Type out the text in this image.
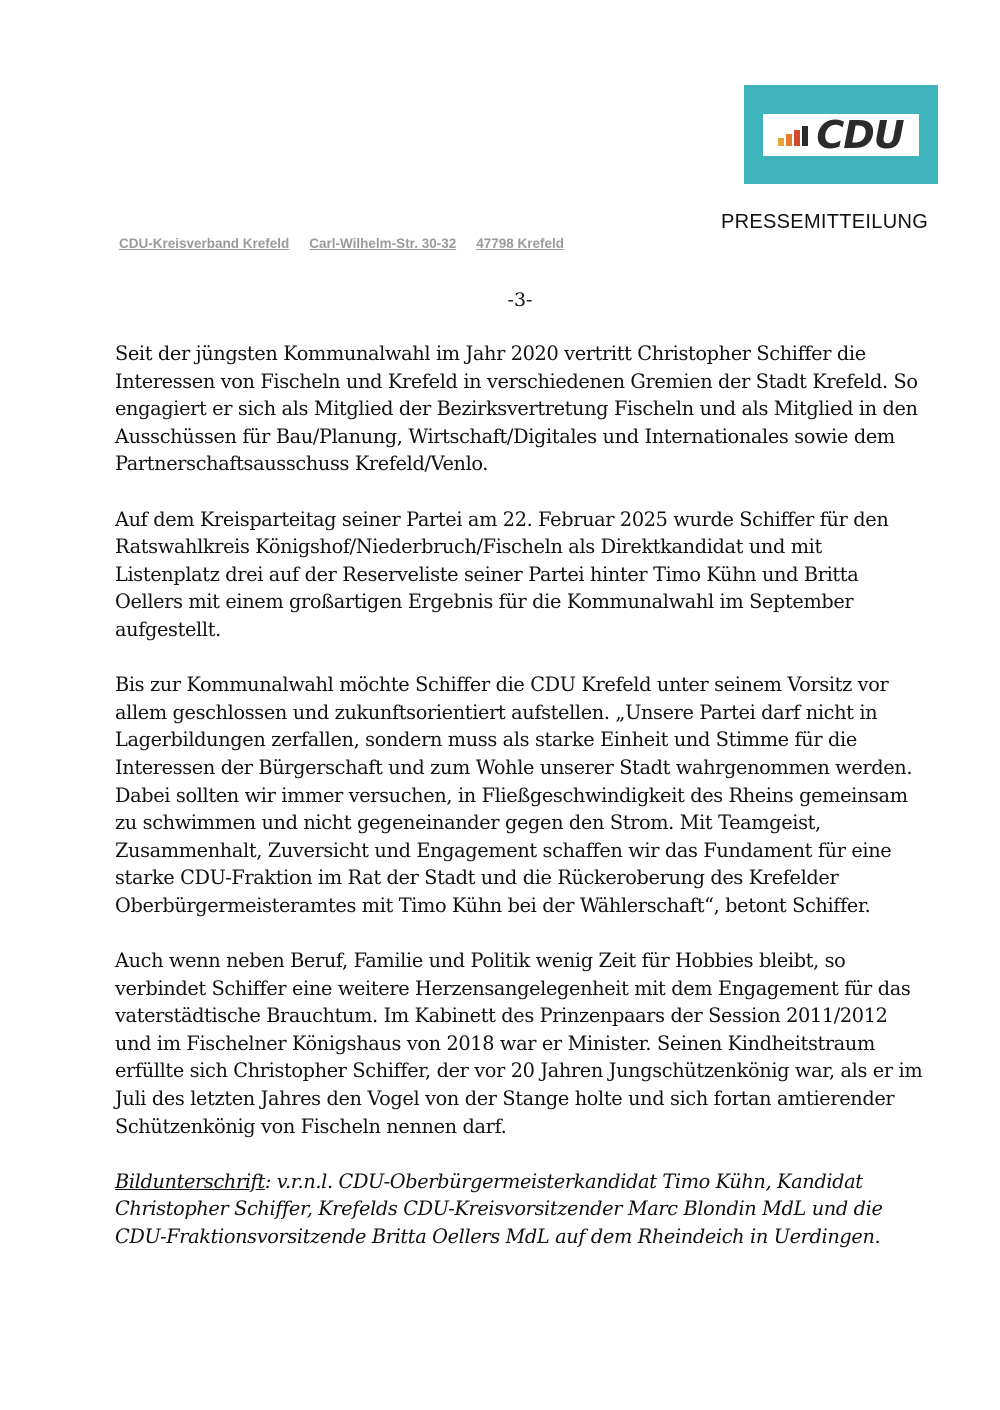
CDU
PRESSEMITTEILUNG
CDU-Kreisverband Krefeld Carl-Wilhelm-Str. 30-32 47798 Krefeld
-3-

Seit der jüngsten Kommunalwahl im Jahr 2020 vertritt Christopher Schiffer die Interessen von Fischeln und Krefeld in verschiedenen Gremien der Stadt Krefeld. So engagiert er sich als Mitglied der Bezirksvertretung Fischeln und als Mitglied in den Ausschüssen für Bau/Planung, Wirtschaft/Digitales und Internationales sowie dem Partnerschaftsausschuss Krefeld/Venlo.

Auf dem Kreisparteitag seiner Partei am 22. Februar 2025 wurde Schiffer für den Ratswahlkreis Königshof/Niederbruch/Fischeln als Direktkandidat und mit Listenplatz drei auf der Reserveliste seiner Partei hinter Timo Kühn und Britta Oellers mit einem großartigen Ergebnis für die Kommunalwahl im September aufgestellt.

Bis zur Kommunalwahl möchte Schiffer die CDU Krefeld unter seinem Vorsitz vor allem geschlossen und zukunftsorientiert aufstellen. „Unsere Partei darf nicht in Lagerbildungen zerfallen, sondern muss als starke Einheit und Stimme für die Interessen der Bürgerschaft und zum Wohle unserer Stadt wahrgenommen werden. Dabei sollten wir immer versuchen, in Fließgeschwindigkeit des Rheins gemeinsam zu schwimmen und nicht gegeneinander gegen den Strom. Mit Teamgeist, Zusammenhalt, Zuversicht und Engagement schaffen wir das Fundament für eine starke CDU-Fraktion im Rat der Stadt und die Rückeroberung des Krefelder Oberbürgermeisteramtes mit Timo Kühn bei der Wählerschaft“, betont Schiffer.

Auch wenn neben Beruf, Familie und Politik wenig Zeit für Hobbies bleibt, so verbindet Schiffer eine weitere Herzensangelegenheit mit dem Engagement für das vaterstädtische Brauchtum. Im Kabinett des Prinzenpaars der Session 2011/2012 und im Fischelner Königshaus von 2018 war er Minister. Seinen Kindheitstraum erfüllte sich Christopher Schiffer, der vor 20 Jahren Jungschützenkönig war, als er im Juli des letzten Jahres den Vogel von der Stange holte und sich fortan amtierender Schützenkönig von Fischeln nennen darf.

Bildunterschrift: v.r.n.l. CDU-Oberbürgermeisterkandidat Timo Kühn, Kandidat Christopher Schiffer, Krefelds CDU-Kreisvorsitzender Marc Blondin MdL und die CDU-Fraktionsvorsitzende Britta Oellers MdL auf dem Rheindeich in Uerdingen.
